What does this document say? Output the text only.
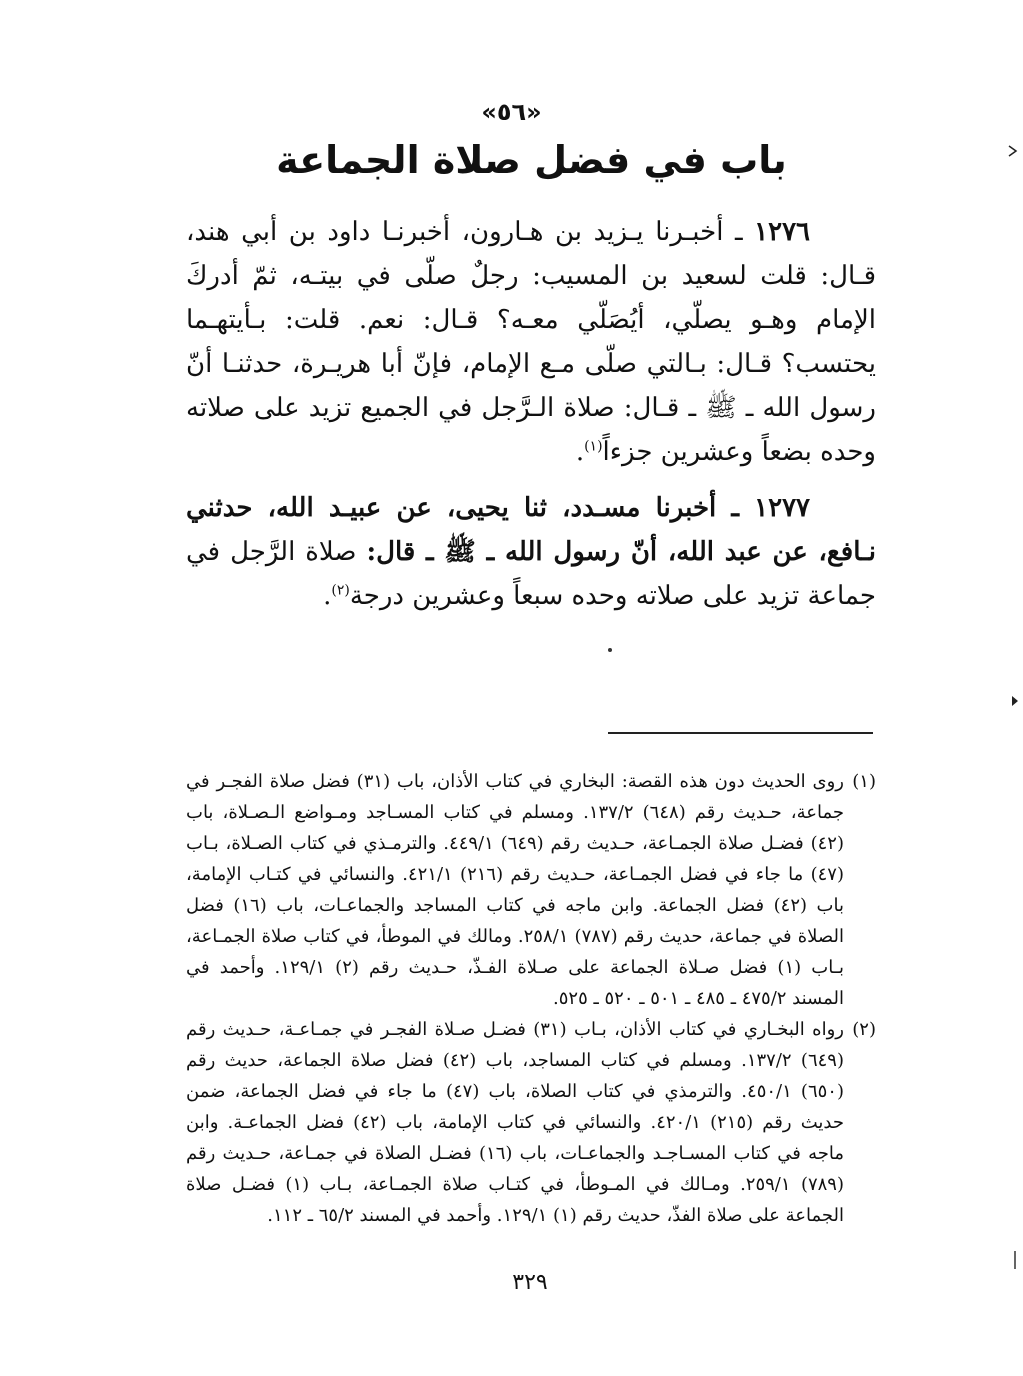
«٥٦»
باب في فضل صلاة الجماعة

١٢٧٦ ـ أخبـرنا يـزيد بن هـارون، أخبرنـا داود بن أبي هند، قـال: قلت لسعيد بن المسيب: رجلٌ صلّى في بيتـه، ثمّ أدركَ الإمام وهـو يصلّي، أيُصَلّي معـه؟ قـال: نعم. قلت: بـأيتهـما يحتسب؟ قـال: بـالتي صلّى مـع الإمام، فإنّ أبا هريـرة، حدثنـا أنّ رسول الله ـ ﷺ ـ قـال: صلاة الـرَّجل في الجميع تزيد على صلاته وحده بضعاً وعشرين جزءاً$^{(١)}$.

١٢٧٧ ـ أخبرنا مسـدد، ثنا يحيى، عن عبيـد الله، حدثني نـافع، عن عبد الله، أنّ رسول الله ـ ﷺ ـ قال: صلاة الرَّجل في جماعة تزيد على صلاته وحده سبعاً وعشرين درجة$^{(٢)}$.

(١)
روى الحديث دون هذه القصة: البخاري في كتاب الأذان، باب (٣١) فضل صلاة الفجـر في جماعة، حـديث رقم (٦٤٨) ١٣٧/٢. ومسلم في كتاب المسـاجد ومـواضع الـصـلاة، باب (٤٢) فضـل صلاة الجمـاعة، حـديث رقم (٦٤٩) ٤٤٩/١. والترمـذي في كتاب الصـلاة، بـاب (٤٧) ما جاء في فضل الجمـاعة، حـديث رقم (٢١٦) ٤٢١/١. والنسائي في كتـاب الإمامة، باب (٤٢) فضل الجماعة. وابن ماجه في كتاب المساجد والجماعـات، باب (١٦) فضل الصلاة في جماعة، حديث رقم (٧٨٧) ٢٥٨/١. ومالك في الموطأ، في كتاب صلاة الجمـاعة، بـاب (١) فضل صـلاة الجماعة على صـلاة الفـذّ، حـديث رقم (٢) ١٢٩/١. وأحمد في المسند ٤٧٥/٢ ـ ٤٨٥ ـ ٥٠١ ـ ٥٢٠ ـ ٥٢٥.
(٢)
رواه البخـاري في كتاب الأذان، بـاب (٣١) فضـل صـلاة الفجـر في جمـاعـة، حـديث رقم (٦٤٩) ١٣٧/٢. ومسلم في كتاب المساجد، باب (٤٢) فضل صلاة الجماعة، حديث رقم (٦٥٠) ٤٥٠/١. والترمذي في كتاب الصلاة، باب (٤٧) ما جاء في فضل الجماعة، ضمن حديث رقم (٢١٥) ٤٢٠/١. والنسائي في كتاب الإمامة، باب (٤٢) فضل الجماعـة. وابن ماجه في كتاب المسـاجـد والجماعـات، باب (١٦) فضـل الصلاة في جمـاعة، حـديث رقم (٧٨٩) ٢٥٩/١. ومـالك في المـوطأ، في كتـاب صلاة الجمـاعة، بـاب (١) فضـل صلاة الجماعة على صلاة الفذّ، حديث رقم (١) ١٢٩/١. وأحمد في المسند ٦٥/٢ ـ ١١٢.
٣٢٩
